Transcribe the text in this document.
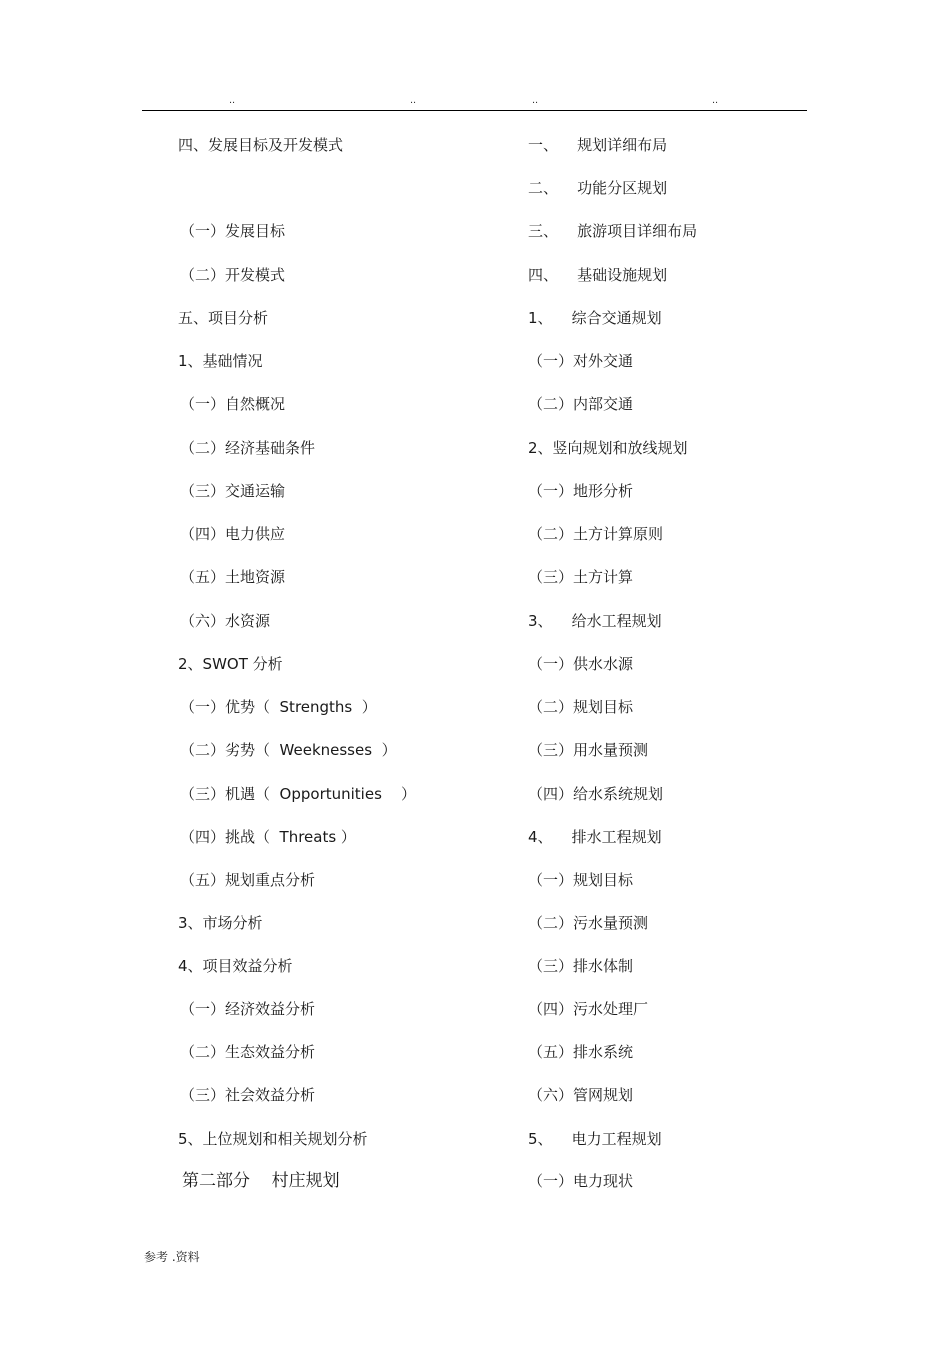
..	..	..	..
四、发展目标及开发模式
（一）发展目标
（二）开发模式
五、项目分析
1、基础情况
（一）自然概况
（二）经济基础条件
（三）交通运输
（四）电力供应
（五）土地资源
（六）水资源
2、SWOT 分析
（一）优势（  Strengths  ）
（二）劣势（  Weeknesses  ）
（三）机遇（  Opportunities    ）
（四）挑战（  Threats ）
（五）规划重点分析
3、市场分析
4、项目效益分析
（一）经济效益分析
（二）生态效益分析
（三）社会效益分析
5、上位规划和相关规划分析
第二部分    村庄规划
一、    规划详细布局
二、    功能分区规划
三、    旅游项目详细布局
四、    基础设施规划
1、    综合交通规划
（一）对外交通
（二）内部交通
2、竖向规划和放线规划
（一）地形分析
（二）土方计算原则
（三）土方计算
3、    给水工程规划
（一）供水水源
（二）规划目标
（三）用水量预测
（四）给水系统规划
4、    排水工程规划
（一）规划目标
（二）污水量预测
（三）排水体制
（四）污水处理厂
（五）排水系统
（六）管网规划
5、    电力工程规划
（一）电力现状
参考 .资料
